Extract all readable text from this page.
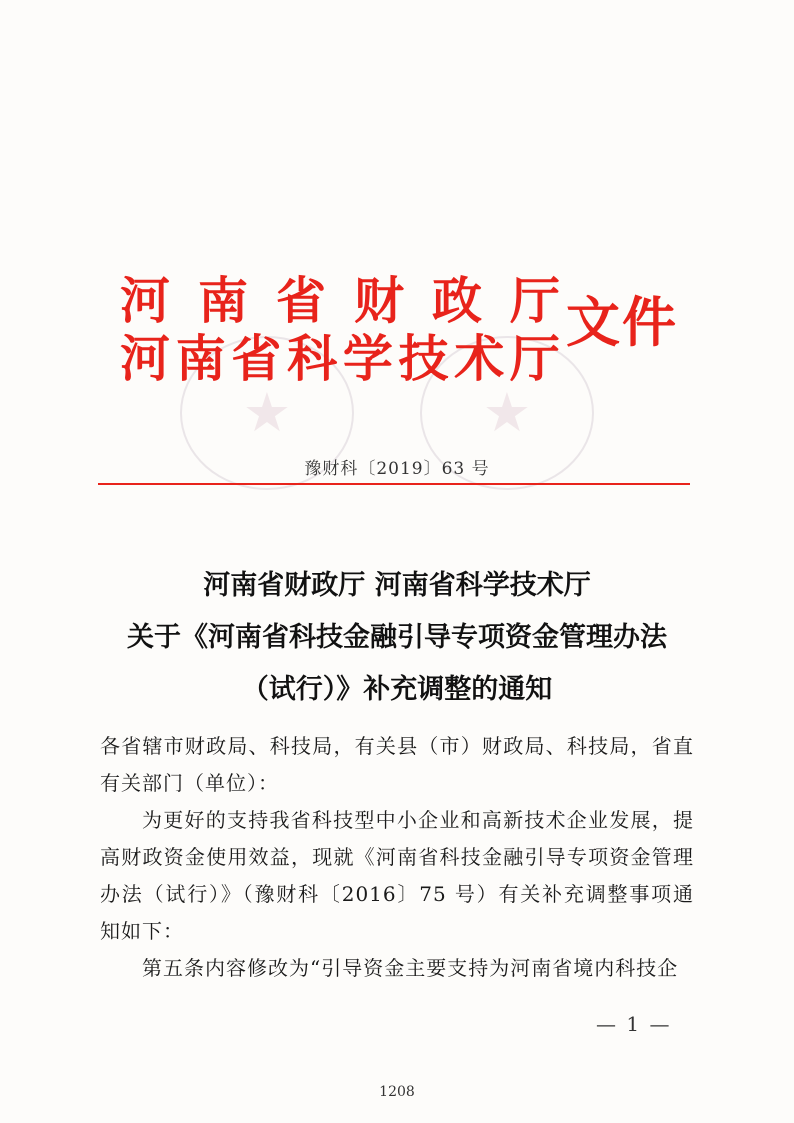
★	★
河 南 省 财 政 厅
河 南 省 科 学 技 术 厅
文件
豫财科〔2019〕63 号
河南省财政厅 河南省科学技术厅
关于《河南省科技金融引导专项资金管理办法
（试行）》补充调整的通知

各省辖市财政局、科技局，有关县（市）财政局、科技局，省直有关部门（单位）：

为更好的支持我省科技型中小企业和高新技术企业发展，提高财政资金使用效益，现就《河南省科技金融引导专项资金管理办法（试行）》（豫财科〔2016〕75 号）有关补充调整事项通知如下：

第五条内容修改为“引导资金主要支持为河南省境内科技企

— 1 —
1208
